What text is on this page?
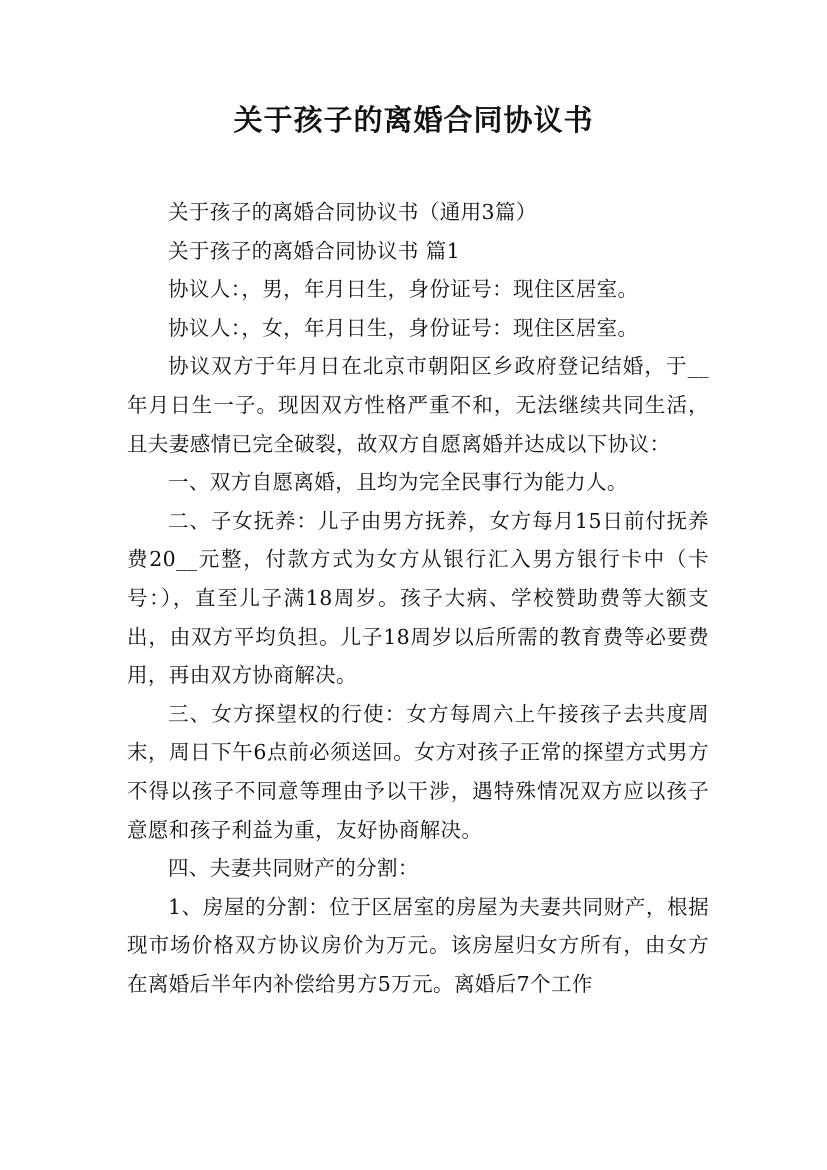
关于孩子的离婚合同协议书

关于孩子的离婚合同协议书（通用3篇）

关于孩子的离婚合同协议书 篇1

协议人：，男，年月日生，身份证号：现住区居室。

协议人：，女，年月日生，身份证号：现住区居室。

协议双方于年月日在北京市朝阳区乡政府登记结婚，于__年月日生一子。现因双方性格严重不和，无法继续共同生活，且夫妻感情已完全破裂，故双方自愿离婚并达成以下协议：

一、双方自愿离婚，且均为完全民事行为能力人。

二、子女抚养：儿子由男方抚养，女方每月15日前付抚养费20__元整，付款方式为女方从银行汇入男方银行卡中（卡号：），直至儿子满18周岁。孩子大病、学校赞助费等大额支出，由双方平均负担。儿子18周岁以后所需的教育费等必要费用，再由双方协商解决。

三、女方探望权的行使：女方每周六上午接孩子去共度周末，周日下午6点前必须送回。女方对孩子正常的探望方式男方不得以孩子不同意等理由予以干涉，遇特殊情况双方应以孩子意愿和孩子利益为重，友好协商解决。

四、夫妻共同财产的分割：

1、房屋的分割：位于区居室的房屋为夫妻共同财产，根据现市场价格双方协议房价为万元。该房屋归女方所有，由女方在离婚后半年内补偿给男方5万元。离婚后7个工作
